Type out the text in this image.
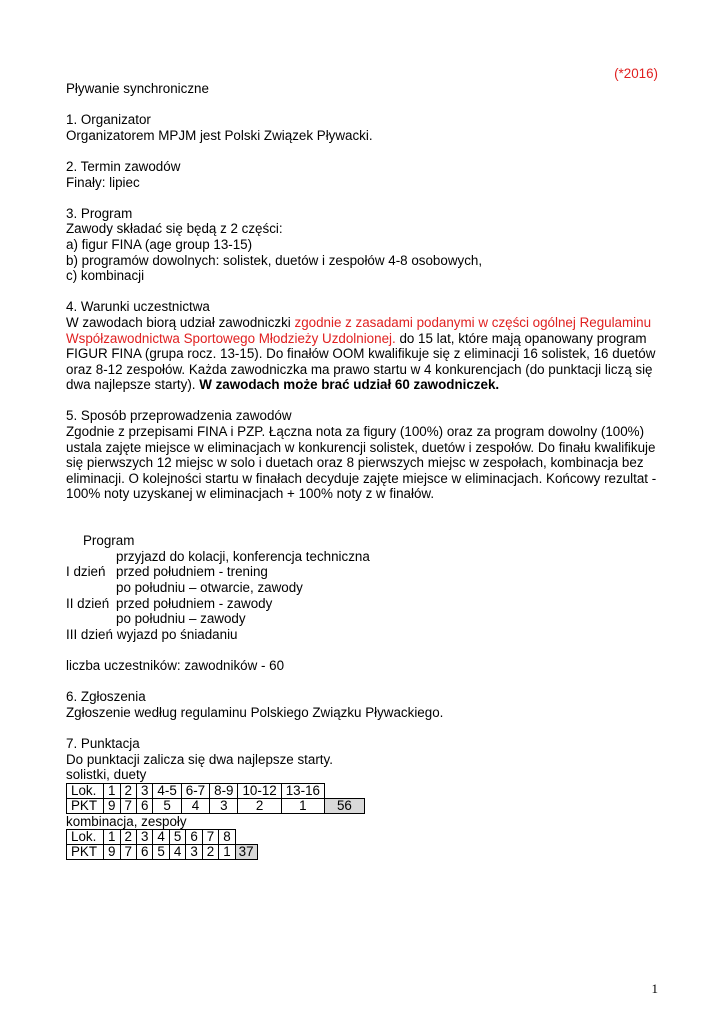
(*2016)

Pływanie synchroniczne

1. Organizator

Organizatorem MPJM jest Polski Związek Pływacki.

2. Termin zawodów

Finały: lipiec

3. Program

Zawody składać się będą z 2 części:

a) figur FINA (age group 13-15)

b) programów dowolnych: solistek, duetów i zespołów 4-8 osobowych,

c) kombinacji

4. Warunki uczestnictwa

W zawodach biorą udział zawodniczki zgodnie z zasadami podanymi w części ogólnej Regulaminu Współzawodnictwa Sportowego Młodzieży Uzdolnionej. do 15 lat, które mają opanowany program FIGUR FINA (grupa rocz. 13-15). Do finałów OOM kwalifikuje się z eliminacji 16 solistek, 16 duetów oraz 8-12 zespołów. Każda zawodniczka ma prawo startu w 4 konkurencjach (do punktacji liczą się dwa najlepsze starty). W zawodach może brać udział 60 zawodniczek.

5. Sposób przeprowadzenia zawodów

Zgodnie z przepisami FINA i PZP. Łączna nota za figury (100%) oraz za program dowolny (100%) ustala zajęte miejsce w eliminacjach w konkurencji solistek, duetów i zespołów. Do finału kwalifikuje się pierwszych 12 miejsc w solo i duetach oraz 8 pierwszych miejsc w zespołach, kombinacja bez eliminacji. O kolejności startu w finałach decyduje zajęte miejsce w eliminacjach. Końcowy rezultat - 100% noty uzyskanej w eliminacjach + 100% noty z w finałów.

Program

przyjazd do kolacji, konferencja techniczna
I dzień przed południem - trening
po południu – otwarcie, zawody
II dzień przed południem - zawody
po południu – zawody
III dzień wyjazd po śniadaniu

liczba uczestników: zawodników - 60

6. Zgłoszenia

Zgłoszenie według regulaminu Polskiego Związku Pływackiego.

7. Punktacja

Do punktacji zalicza się dwa najlepsze starty.

solistki, duety

Lok.	1	2	3	4-5	6-7	8-9	10-12	13-16	
PKT	9	7	6	5	4	3	2	1	56

kombinacja, zespoły

Lok.	1	2	3	4	5	6	7	8	
PKT	9	7	6	5	4	3	2	1	37
1
